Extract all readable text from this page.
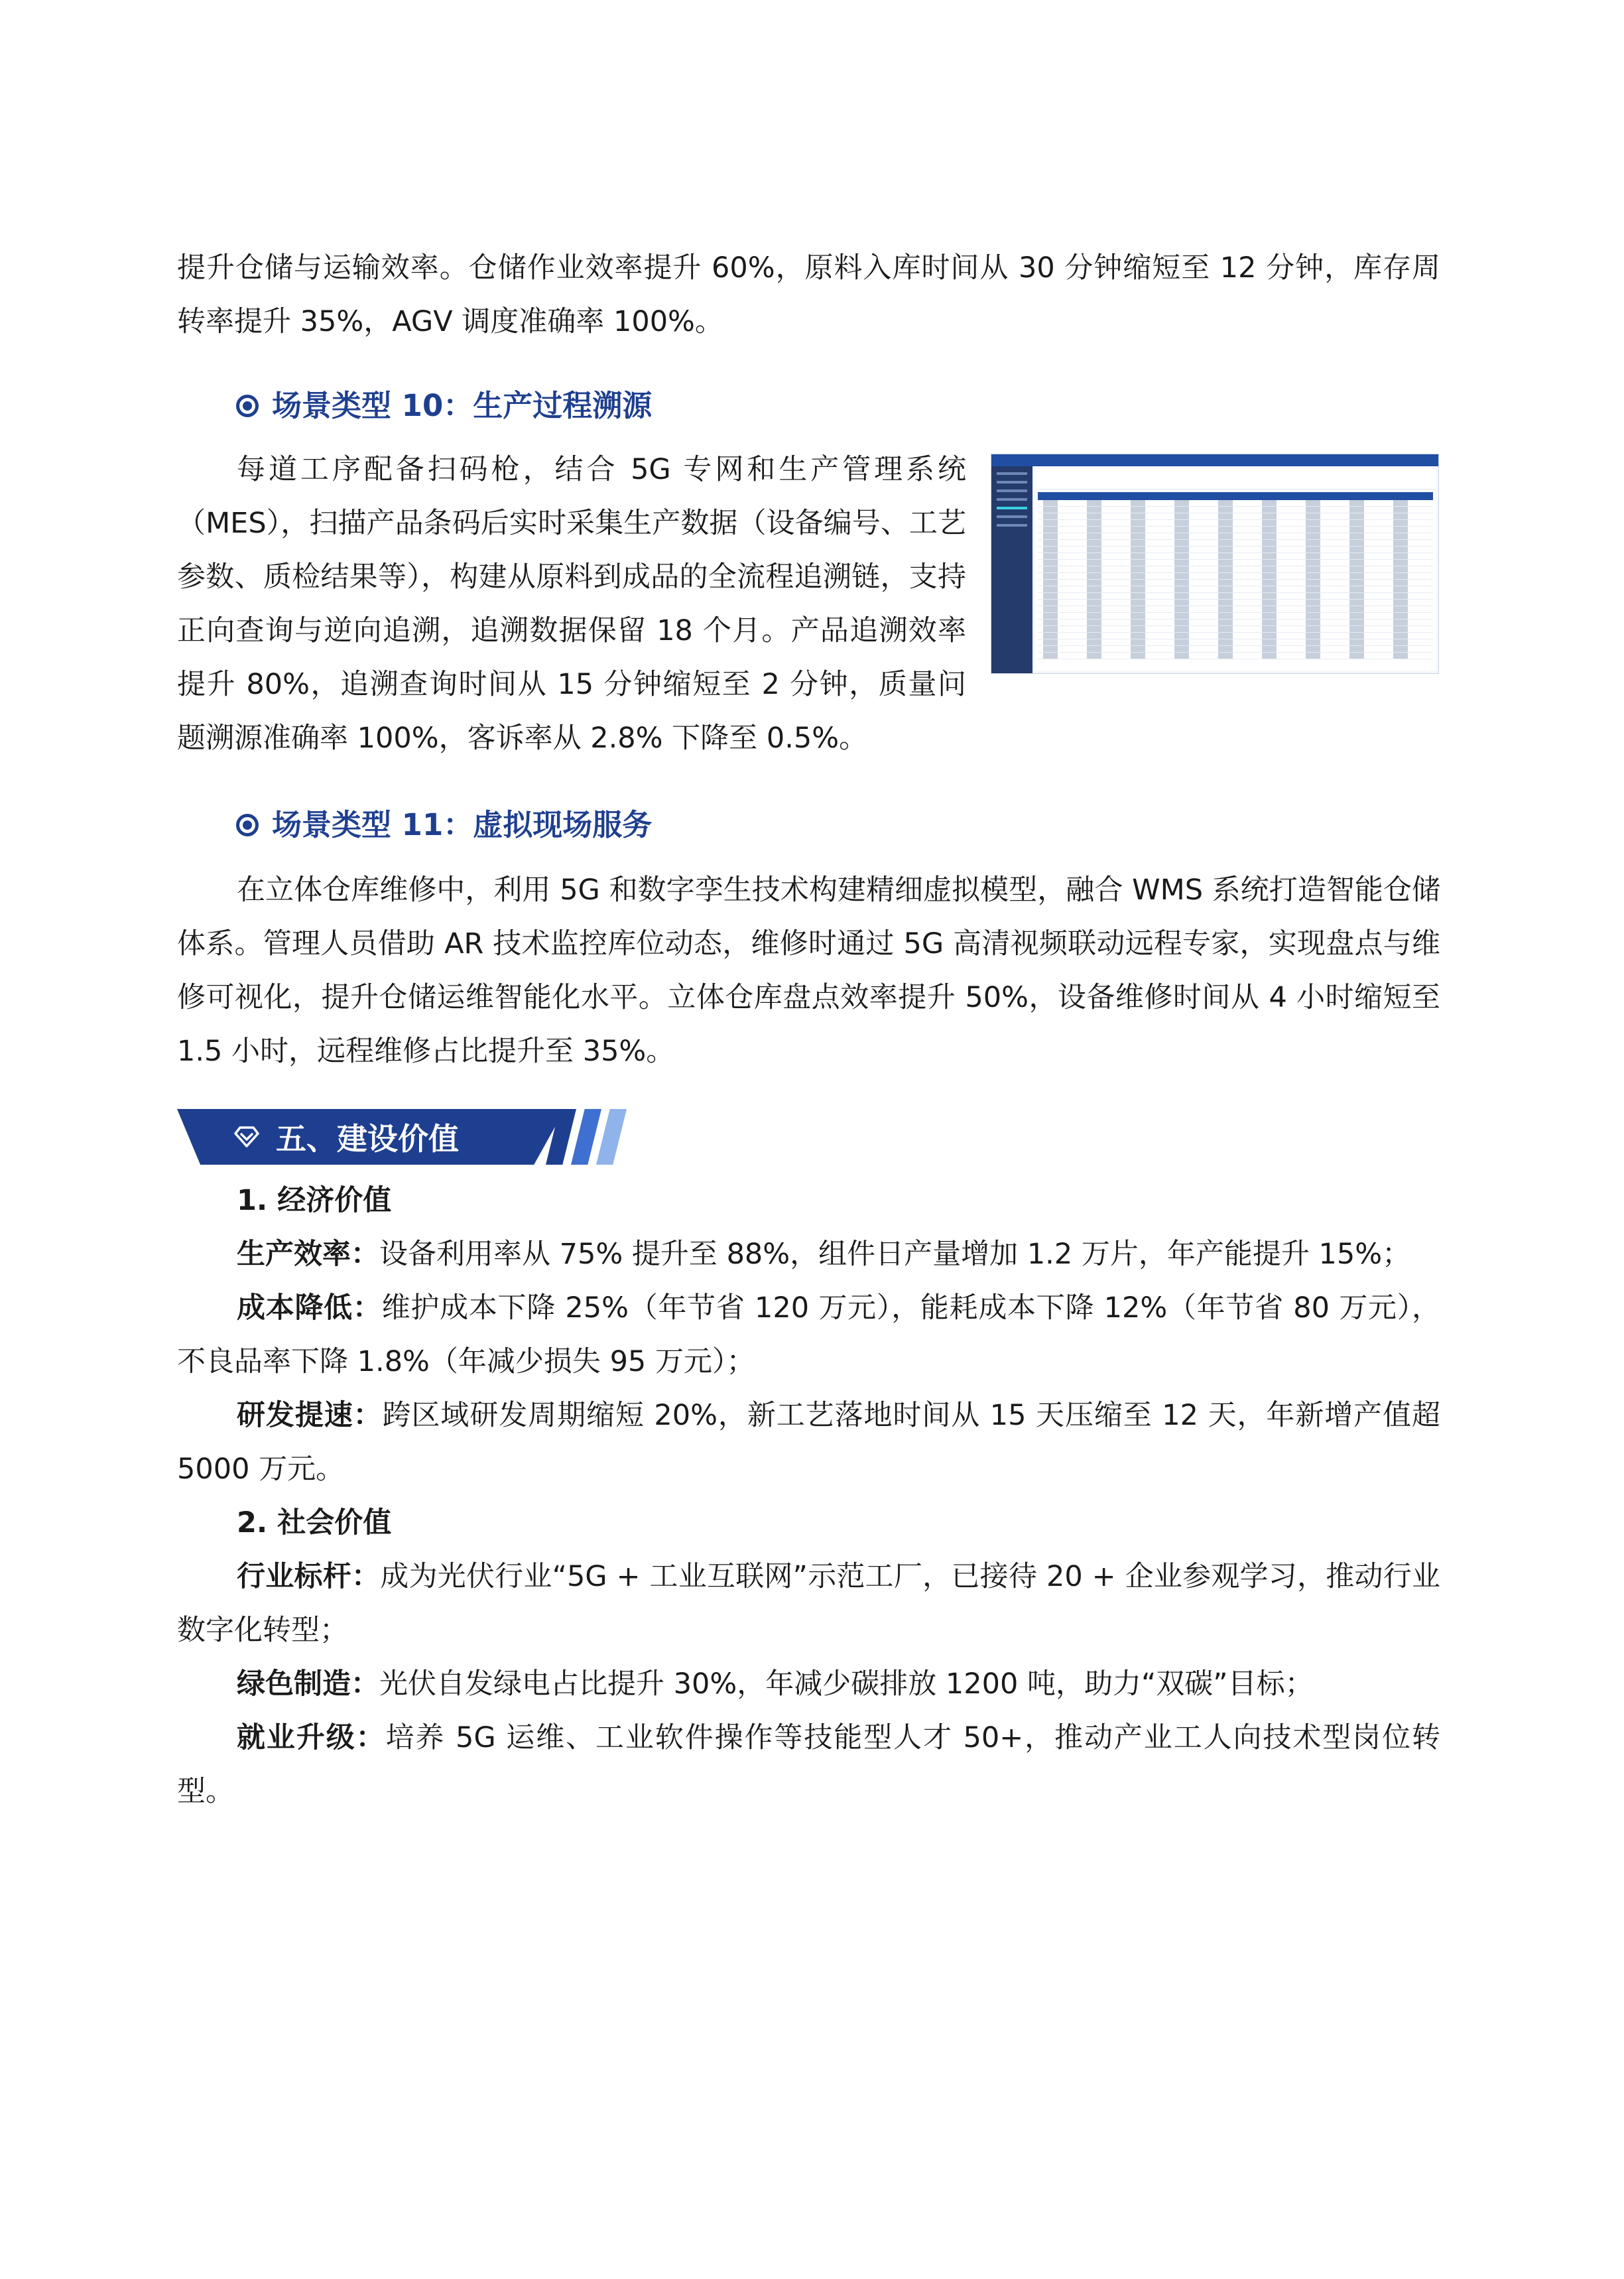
提升仓储与运输效率。仓储作业效率提升 60%，原料入库时间从 30 分钟缩短至 12 分钟，库存周转率提升 35%，AGV 调度准确率 100%。

场景类型 10：生产过程溯源

每道工序配备扫码枪，结合 5G 专网和生产管理系统（MES），扫描产品条码后实时采集生产数据（设备编号、工艺参数、质检结果等），构建从原料到成品的全流程追溯链，支持正向查询与逆向追溯，追溯数据保留 18 个月。产品追溯效率提升 80%，追溯查询时间从 15 分钟缩短至 2 分钟，质量问题溯源准确率 100%，客诉率从 2.8% 下降至 0.5%。

场景类型 11：虚拟现场服务

在立体仓库维修中，利用 5G 和数字孪生技术构建精细虚拟模型，融合 WMS 系统打造智能仓储体系。管理人员借助 AR 技术监控库位动态，维修时通过 5G 高清视频联动远程专家，实现盘点与维修可视化，提升仓储运维智能化水平。立体仓库盘点效率提升 50%，设备维修时间从 4 小时缩短至 1.5 小时，远程维修占比提升至 35%。

五、建设价值

1. 经济价值

生产效率：设备利用率从 75% 提升至 88%，组件日产量增加 1.2 万片，年产能提升 15%；

成本降低：维护成本下降 25%（年节省 120 万元），能耗成本下降 12%（年节省 80 万元），不良品率下降 1.8%（年减少损失 95 万元）；

研发提速：跨区域研发周期缩短 20%，新工艺落地时间从 15 天压缩至 12 天，年新增产值超 5000 万元。

2. 社会价值

行业标杆：成为光伏行业“5G + 工业互联网”示范工厂，已接待 20 + 企业参观学习，推动行业数字化转型；

绿色制造：光伏自发绿电占比提升 30%，年减少碳排放 1200 吨，助力“双碳”目标；

就业升级：培养 5G 运维、工业软件操作等技能型人才 50+，推动产业工人向技术型岗位转型。
